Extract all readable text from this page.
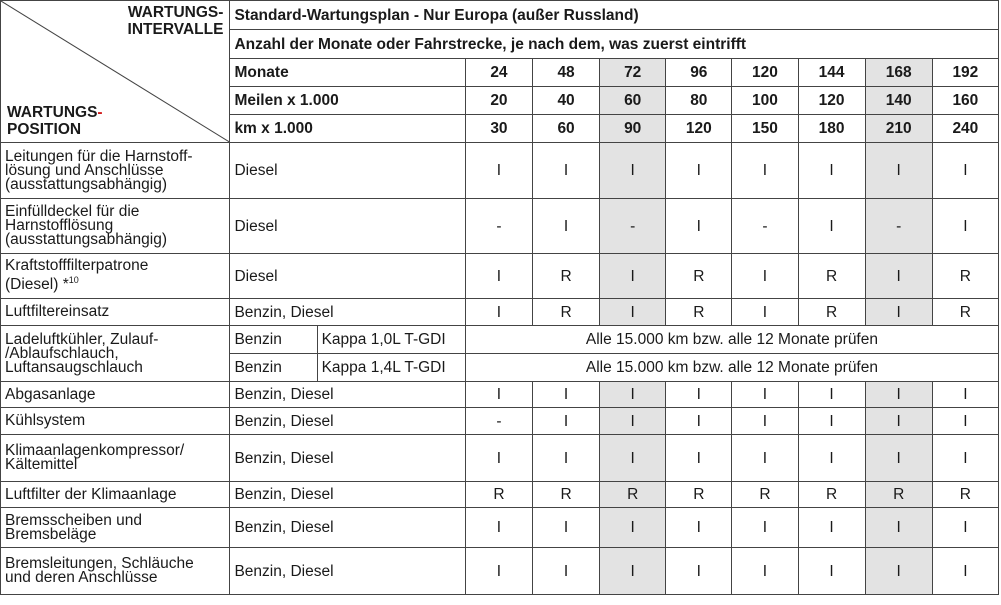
WARTUNGS-
INTERVALLE
WARTUNGS-
POSITION	Standard-Wartungsplan - Nur Europa (außer Russland)									
	Anzahl der Monate oder Fahrstrecke, je nach dem, was zuerst eintrifft									
	Monate		24	48	72	96	120	144	168	192
	Meilen x 1.000		20	40	60	80	100	120	140	160
	km x 1.000		30	60	90	120	150	180	210	240

Leitungen für die Harnstoff-
lösung und Anschlüsse
(ausstattungsabhängig)	Diesel		I	I	I	I	I	I	I	I

Einfülldeckel für die
Harnstofflösung
(ausstattungsabhängig)	Diesel		-	I	-	I	-	I	-	I

Kraftstofffilterpatrone
(Diesel) *$^{10}$	Diesel		I	R	I	R	I	R	I	R

Luftfiltereinsatz	Benzin, Diesel		I	R	I	R	I	R	I	R

Ladeluftkühler, Zulauf-
/Ablaufschlauch,
Luftansaugschlauch	Benzin	Kappa 1,0L T-GDI	Alle 15.000 km bzw. alle 12 Monate prüfen							
	Benzin	Kappa 1,4L T-GDI	Alle 15.000 km bzw. alle 12 Monate prüfen							

Abgasanlage	Benzin, Diesel		I	I	I	I	I	I	I	I

Kühlsystem	Benzin, Diesel		-	I	I	I	I	I	I	I

Klimaanlagenkompressor/
Kältemittel	Benzin, Diesel		I	I	I	I	I	I	I	I

Luftfilter der Klimaanlage	Benzin, Diesel		R	R	R	R	R	R	R	R

Bremsscheiben und
Bremsbeläge	Benzin, Diesel		I	I	I	I	I	I	I	I

Bremsleitungen, Schläuche
und deren Anschlüsse	Benzin, Diesel		I	I	I	I	I	I	I	I
